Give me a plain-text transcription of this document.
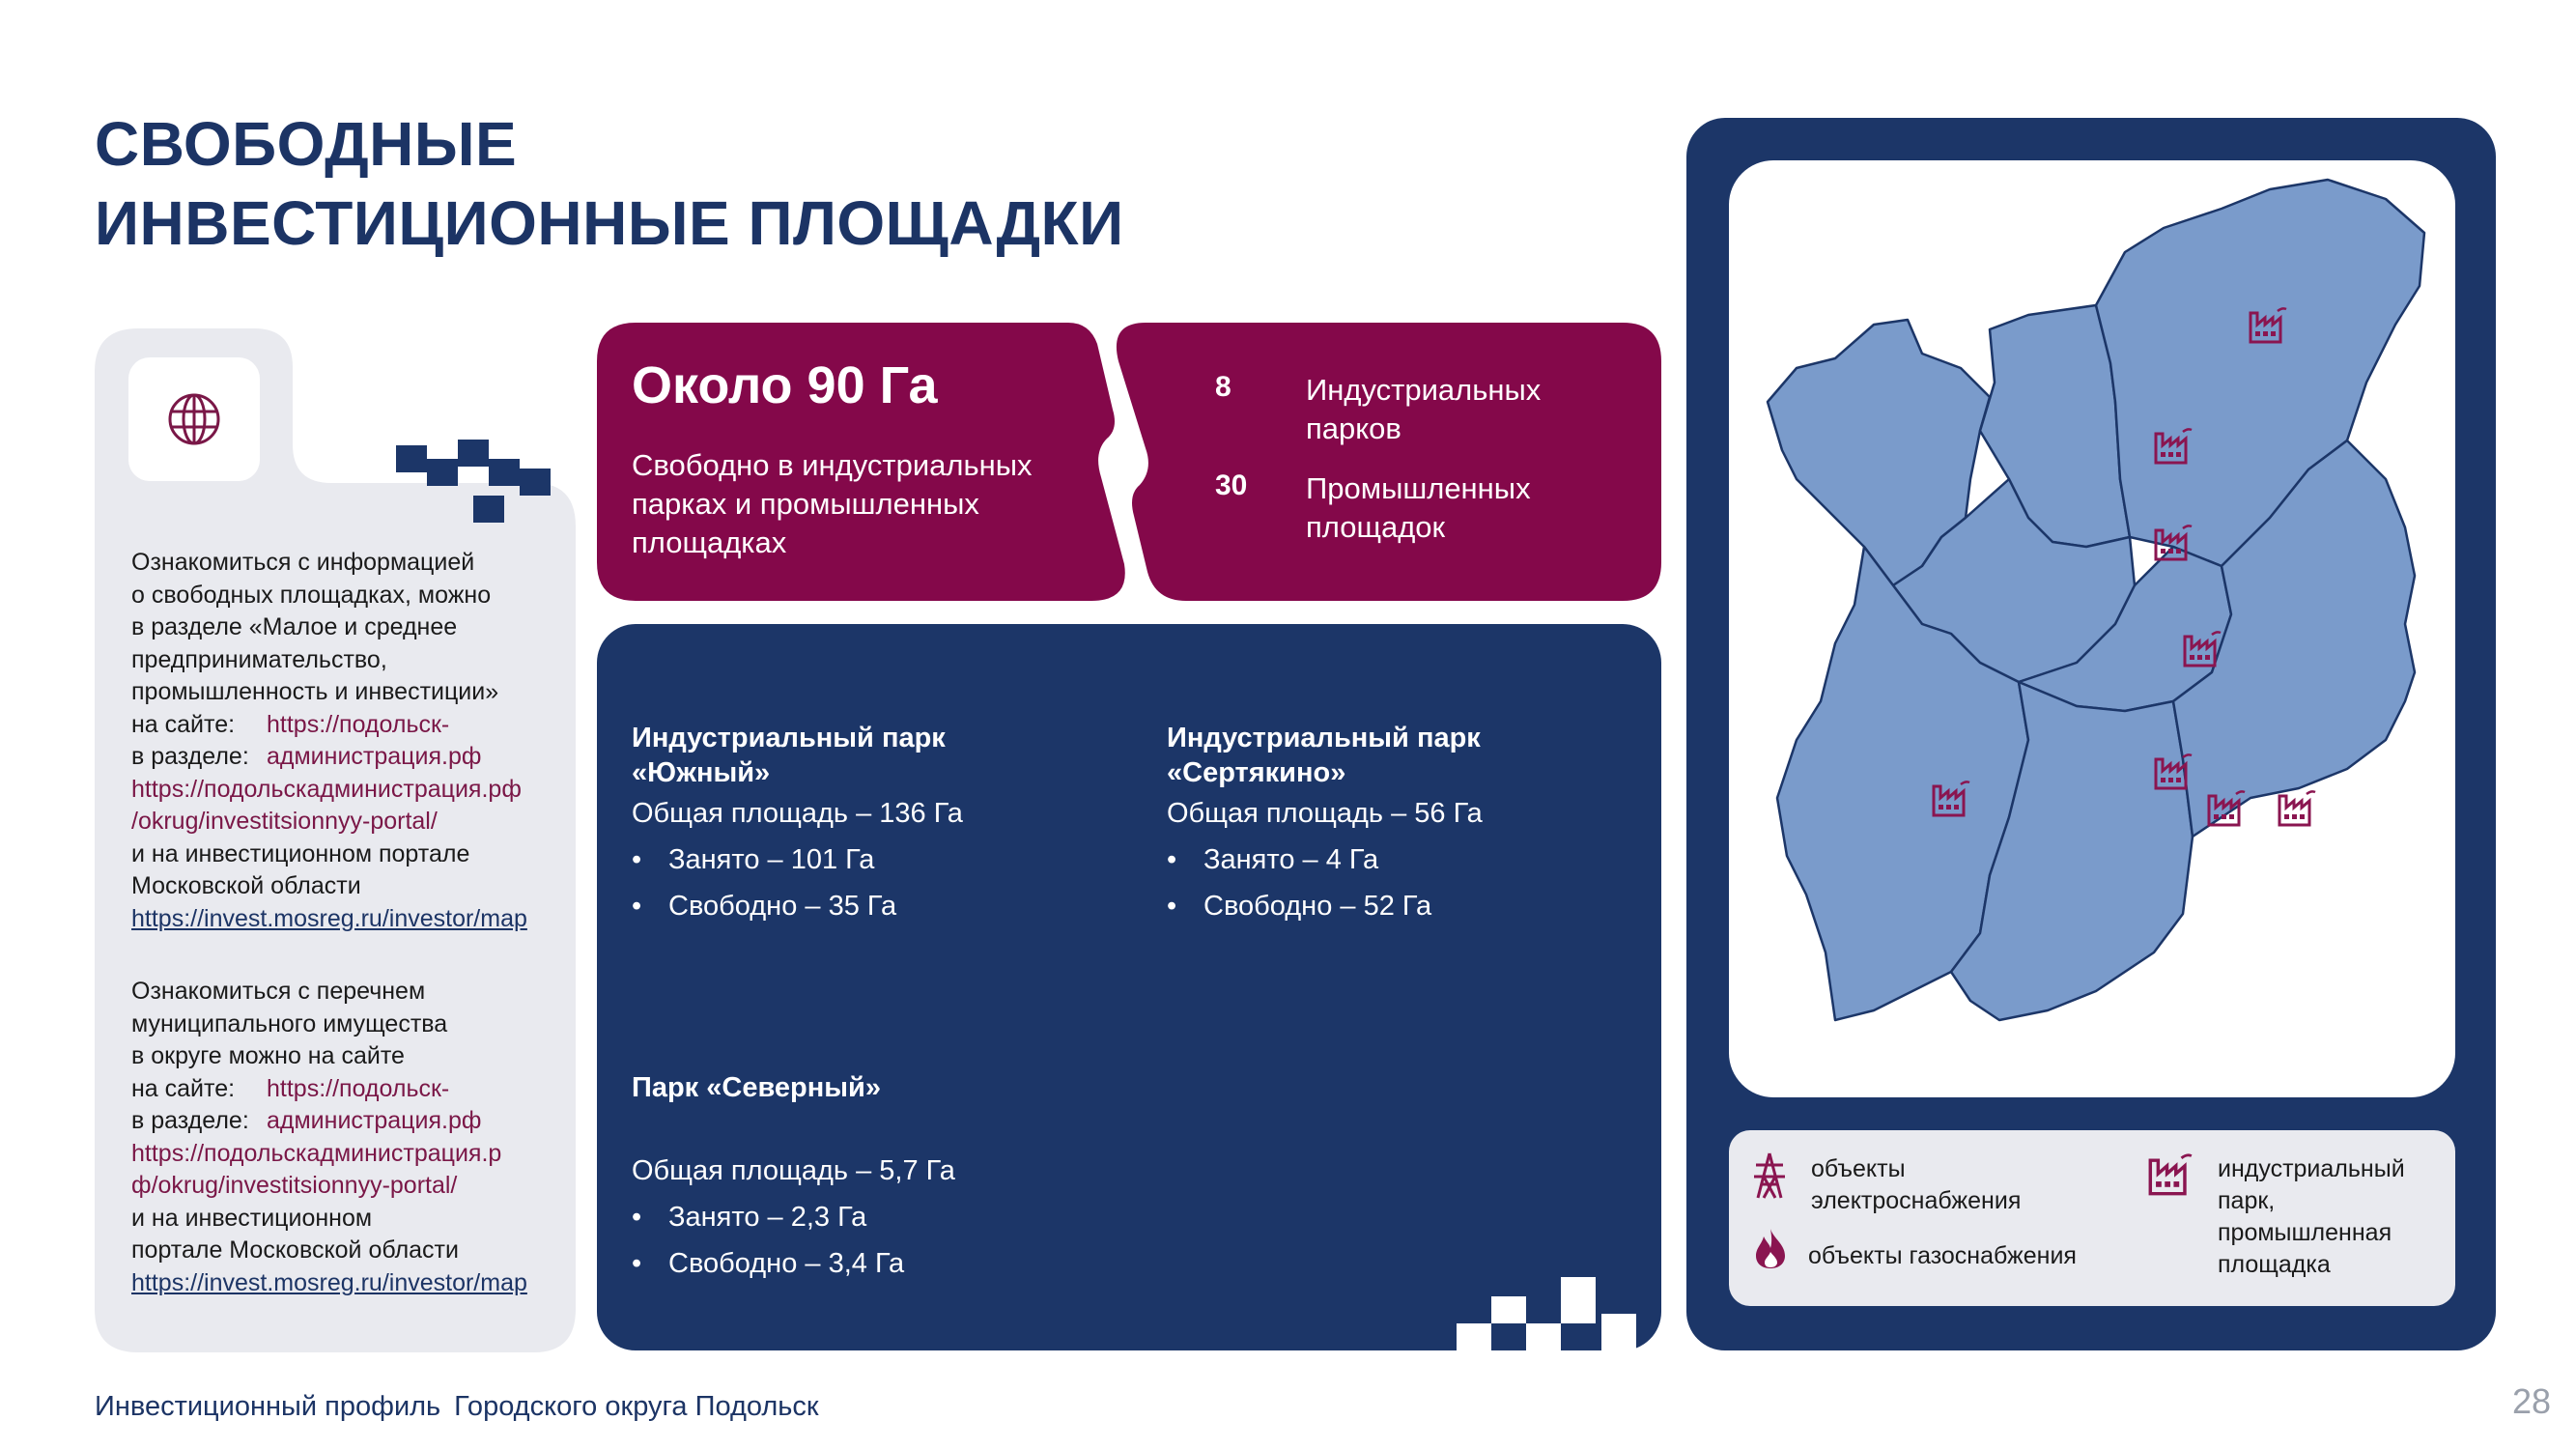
СВОБОДНЫЕ
ИНВЕСТИЦИОННЫЕ ПЛОЩАДКИ
Ознакомиться с информацией
о свободных площадках, можно
в разделе «Малое и среднее
предпринимательство,
промышленность и инвестиции»
на сайте: https://подольск-
в разделе: администрация.рф
https://подольскадминистрация.рф
/okrug/investitsionnyy-portal/
и на инвестиционном портале
Московской области
https://invest.mosreg.ru/investor/map
Ознакомиться с перечнем
муниципального имущества
в округе можно на сайте
на сайте: https://подольск-
в разделе: администрация.рф
https://подольскадминистрация.р
ф/okrug/investitsionnyy-portal/
и на инвестиционном
портале Московской области
https://invest.mosreg.ru/investor/map
Около 90 Га
Свободно в индустриальных парках и промышленных площадках
8	Индустриальных
парков
30	Промышленных
площадок
Индустриальный парк
«Южный»
Общая площадь – 136 Га
• Занято – 101 Га
• Свободно – 35 Га
Индустриальный парк
«Сертякино»
Общая площадь – 56 Га
• Занято – 4 Га
• Свободно – 52 Га
Парк «Северный»
Общая площадь – 5,7 Га
• Занято – 2,3 Га
• Свободно – 3,4 Га
объекты
электроснабжения
объекты газоснабжения
индустриальный
парк,
промышленная
площадка
Инвестиционный профиль Городского округа Подольск	28
